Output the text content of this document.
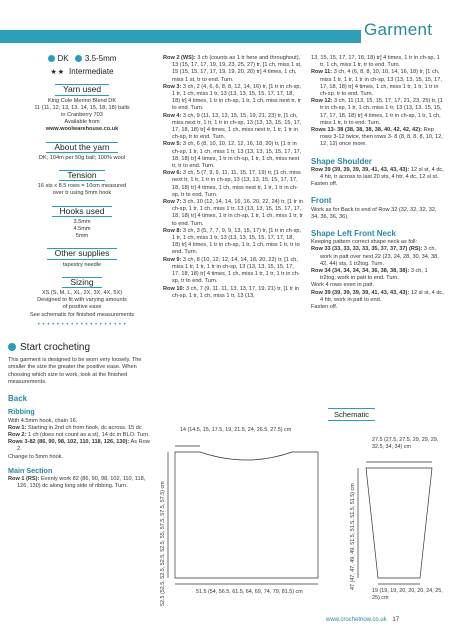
Garment
DK 3.5-5mm
★★ Intermediate
Yarn used
King Cole Merino Blend DK
11 (11, 12, 13, 13, 14, 15, 18, 18) balls
in Cranberry 703
Available from
www.woolwarehouse.co.uk
About the yarn
DK; 104m per 50g ball; 100% wool
Tension
16 sts x 8.5 rows = 10cm measured
over tr using 5mm hook
Hooks used
3.5mm
4.5mm
5mm
Other supplies
tapestry needle
Sizing
XS (S, M, L, XL, 2X, 3X, 4X, 5X)
Designed to fit with varying amounts
of positive ease
See schematic for finished measurements
• • • • • • • • • • • • • • • • • • •
Start crocheting

This garment is designed to be worn very loosely. The smaller the size the greater the positive ease. When choosing which size to work, look at the finished measurements.

Back
Ribbing

With 4.5mm hook, chain 16.

Row 1: Starting in 2nd ch from hook, dc across. 15 dc

Row 2: 1 ch (does not count as a st), 14 dc in BLO. Turn.

Rows 3-82 (86, 90, 98, 102, 110, 118, 126, 130): As Row 2.

Change to 5mm hook.

Main Section

Row 1 (RS): Evenly work 82 (86, 90, 98, 102, 110, 118, 126, 130) dc along long side of ribbing. Turn.

Row 2 (WS): 3 ch (counts as 1 tr here and throughout), 13 (15, 17, 17, 19, 19, 23, 25, 27) tr, [1 ch, miss 1 st, 15 (15, 15, 17, 17, 19, 19, 20, 20) tr] 4 times, 1 ch, miss 1 st, tr to end. Turn.

Row 3: 3 ch, 2 (4, 6, 6, 8, 8, 12, 14, 16) tr, [1 tr in ch-sp, 1 tr, 1 ch, miss 1 tr, 13 (13, 13, 15, 15, 17, 17, 18, 18) tr] 4 times, 1 tr in ch-sp, 1 tr, 1 ch, miss next tr, tr to end. Turn.

Row 4: 3 ch, 9 (11, 13, 13, 15, 15, 19, 21, 23) tr, [1 ch, miss next tr, 1 tr, 1 tr in ch-sp, 13 (13, 13, 15, 15, 17, 17, 18, 18) tr] 4 times, 1 ch, miss next tr, 1 tr, 1 tr in ch-sp, tr to end. Turn.

Row 5: 3 ch, 6 (8, 10, 10, 12, 12, 16, 18, 20) tr, [1 tr in ch-sp, 1 tr, 1 ch, miss 1 tr, 13 (13, 13, 15, 15, 17, 17, 18, 18) tr] 4 times, 1 tr in ch-sp, 1 tr, 1 ch, miss next tr, tr to end. Turn.

Row 6: 3 ch, 5 (7, 9, 9, 11, 11, 15, 17, 19) tr, [1 ch, miss next tr, 1 tr, 1 tr in ch-sp, 13 (13, 13, 15, 15, 17, 17, 18, 18) tr] 4 times, 1 ch, miss next tr, 1 tr, 1 tr in ch-sp, tr to end. Turn.

Row 7: 3 ch, 10 (12, 14, 14, 16, 16, 20, 22, 24) tr, [1 tr in ch-sp, 1 tr, 1 ch, miss 1 tr, 13 (13, 13, 15, 15, 17, 17, 18, 18) tr] 4 times, 1 tr in ch-sp, 1 tr, 1 ch, miss 1 tr, tr to end. Turn.

Row 8: 3 ch, 3 (5, 7, 7, 9, 9, 13, 15, 17) tr, [1 tr in ch-sp, 1 tr, 1 ch, miss 1 tr, 13 (13, 13, 15, 15, 17, 17, 18, 18) tr] 4 times, 1 tr in ch-sp, 1 tr, 1 ch, miss 1 tr, tr to end. Turn.

Row 9: 3 ch, 8 (10, 12, 12, 14, 14, 18, 20, 22) tr, [1 ch, miss 1 tr, 1 tr, 1 tr in ch-sp, 13 (13, 13, 15, 15, 17, 17, 18, 18) tr] 4 times, 1 ch, miss 1 tr, 1 tr, 1 tr in ch-sp, tr to end. Turn.

Row 10: 3 ch, 7 (9, 11, 11, 13, 13, 17, 19, 21) tr, [1 tr in ch-sp, 1 tr, 1 ch, miss 1 tr, 13 (13,

13, 15, 15, 17, 17, 18, 18) tr] 4 times, 1 tr in ch-sp, 1 tr, 1 ch, miss 1 tr, tr to end. Turn.

Row 11: 3 ch, 4 (6, 8, 8, 10, 10, 14, 16, 18) tr, [1 ch, miss 1 tr, 1 tr, 1 tr in ch-sp, 13 (13, 13, 15, 15, 17, 17, 18, 18) tr] 4 times, 1 ch, miss 1 tr, 1 tr, 1 tr in ch-sp, tr to end. Turn.

Row 12: 3 ch, 11 (13, 15, 15, 17, 17, 21, 23, 25) tr, [1 tr in ch-sp, 1 tr, 1 ch, miss 1 tr, 13 (13, 13, 15, 15, 17, 17, 18, 18) tr] 4 times, 1 tr in ch-sp, 1 tr, 1 ch, miss 1 tr, tr to end. Turn.

Rows 13- 38 (38, 38, 38, 38, 40, 42, 42, 42): Rep rows 3-12 twice, then rows 3- 8 (8, 8, 8, 8, 10, 12, 12, 12) once more.

Shape Shoulder

Row 39 (39, 39, 39, 39, 41, 43, 43, 43): 12 sl st, 4 dc, 4 htr, tr across to last 20 sts, 4 htr, 4 dc, 12 sl st.

Fasten off.

Front

Work as for Back to end of Row 32 (32, 32, 32, 32, 34, 36, 36, 36).

Shape Left Front Neck

Keeping pattern correct shape neck as foll:

Row 33 (33, 33, 33, 33, 35, 37, 37, 37) (RS): 3 ch, work in patt over next 22 (23, 24, 28, 30, 34, 38, 42, 44) sts, 1 tr2tog. Turn.

Row 34 (34, 34, 34, 34, 36, 38, 38, 38): 3 ch, 1 tr2tog, work in patt to end. Turn.

Work 4 rows even in patt.

Row 39 (39, 39, 39, 39, 41, 43, 43, 43): 12 sl st, 4 dc, 4 htr, work in patt to end.

Fasten off.

Schematic
14 (14.5, 15, 17.5, 19, 21.5, 24, 26.5, 27.5) cm
52.5 (52.5, 52.5, 52.5, 52.5, 55, 57.5, 57.5, 57.5) cm	51.5 (54, 56.5, 61.5, 64, 69, 74, 79, 81.5) cm
27.5 (27.5, 27.5, 29, 29, 29, 32.5, 34, 34) cm
47 (47, 47, 49, 49, 51.5, 51.5, 51.5, 51.5) cm
19 (19, 19, 20, 20, 20, 24, 25, 25) cm
www.crochetnow.co.uk 17
